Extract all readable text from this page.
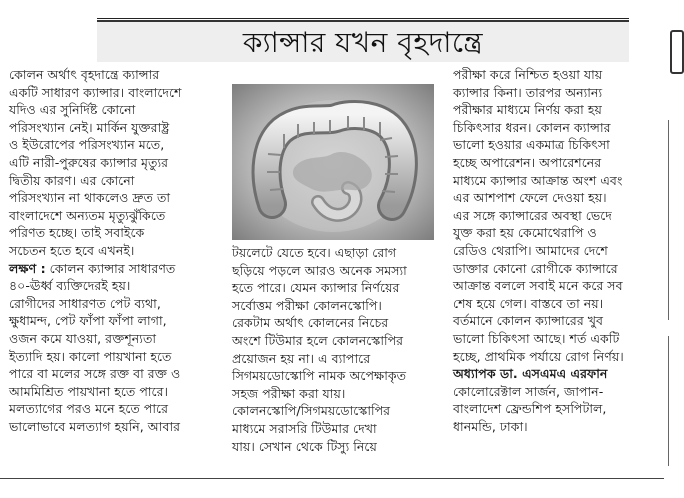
ক্যান্সার যখন বৃহদান্ত্রে
কোলন অর্থাৎ বৃহদান্ত্রে ক্যান্সার
একটি সাধারণ ক্যান্সার। বাংলাদেশে
যদিও এর সুনির্দিষ্ট কোনো
পরিসংখ্যান নেই। মার্কিন যুক্তরাষ্ট্র
ও ইউরোপের পরিসংখ্যান মতে,
এটি নারী-পুরুষের ক্যান্সার মৃত্যুর
দ্বিতীয় কারণ। এর কোনো
পরিসংখ্যান না থাকলেও দ্রুত তা
বাংলাদেশে অন্যতম মৃত্যুঝুঁকিতে
পরিণত হচ্ছে। তাই সবাইকে
সচেতন হতে হবে এখনই।
লক্ষণ : কোলন ক্যান্সার সাধারণত
৪০-ঊর্ধ্ব ব্যক্তিদেরই হয়।
রোগীদের সাধারণত পেট ব্যথা,
ক্ষুধামন্দ, পেট ফাঁপা ফাঁপা লাগা,
ওজন কমে যাওয়া, রক্তশূন্যতা
ইত্যাদি হয়। কালো পায়খানা হতে
পারে বা মলের সঙ্গে রক্ত বা রক্ত ও
আমমিশ্রিত পায়খানা হতে পারে।
মলত্যাগের পরও মনে হতে পারে
ভালোভাবে মলত্যাগ হয়নি, আবার
টয়লেটে যেতে হবে। এছাড়া রোগ
ছড়িয়ে পড়লে আরও অনেক সমস্যা
হতে পারে। যেমন ক্যান্সার নির্ণয়ের
সর্বোত্তম পরীক্ষা কোলনস্কোপি।
রেকটাম অর্থাৎ কোলনের নিচের
অংশে টিউমার হলে কোলনস্কোপির
প্রয়োজন হয় না। এ ব্যাপারে
সিগময়ডোস্কোপি নামক অপেক্ষাকৃত
সহজ পরীক্ষা করা যায়।
কোলনস্কোপি/সিগময়ডোস্কোপির
মাধ্যমে সরাসরি টিউমার দেখা
যায়। সেখান থেকে টিস্যু নিয়ে
পরীক্ষা করে নিশ্চিত হওয়া যায়
ক্যান্সার কিনা। তারপর অন্যান্য
পরীক্ষার মাধ্যমে নির্ণয় করা হয়
চিকিৎসার ধরন। কোলন ক্যান্সার
ভালো হওয়ার একমাত্র চিকিৎসা
হচ্ছে অপারেশন। অপারেশনের
মাধ্যমে ক্যান্সার আক্রান্ত অংশ এবং
এর আশপাশ ফেলে দেওয়া হয়।
এর সঙ্গে ক্যান্সারের অবস্থা ভেদে
যুক্ত করা হয় কেমোথেরাপি ও
রেডিও থেরাপি। আমাদের দেশে
ডাক্তার কোনো রোগীকে ক্যান্সারে
আক্রান্ত বললে সবাই মনে করে সব
শেষ হয়ে গেল। বাস্তবে তা নয়।
বর্তমানে কোলন ক্যান্সারের খুব
ভালো চিকিৎসা আছে। শর্ত একটি
হচ্ছে, প্রাথমিক পর্যায়ে রোগ নির্ণয়।
অধ্যাপক ডা. এসএমএ এরফান
কোলোরেক্টাল সার্জন, জাপান-
বাংলাদেশ ফ্রেন্ডশিপ হসপিটাল,
ধানমন্ডি, ঢাকা।
